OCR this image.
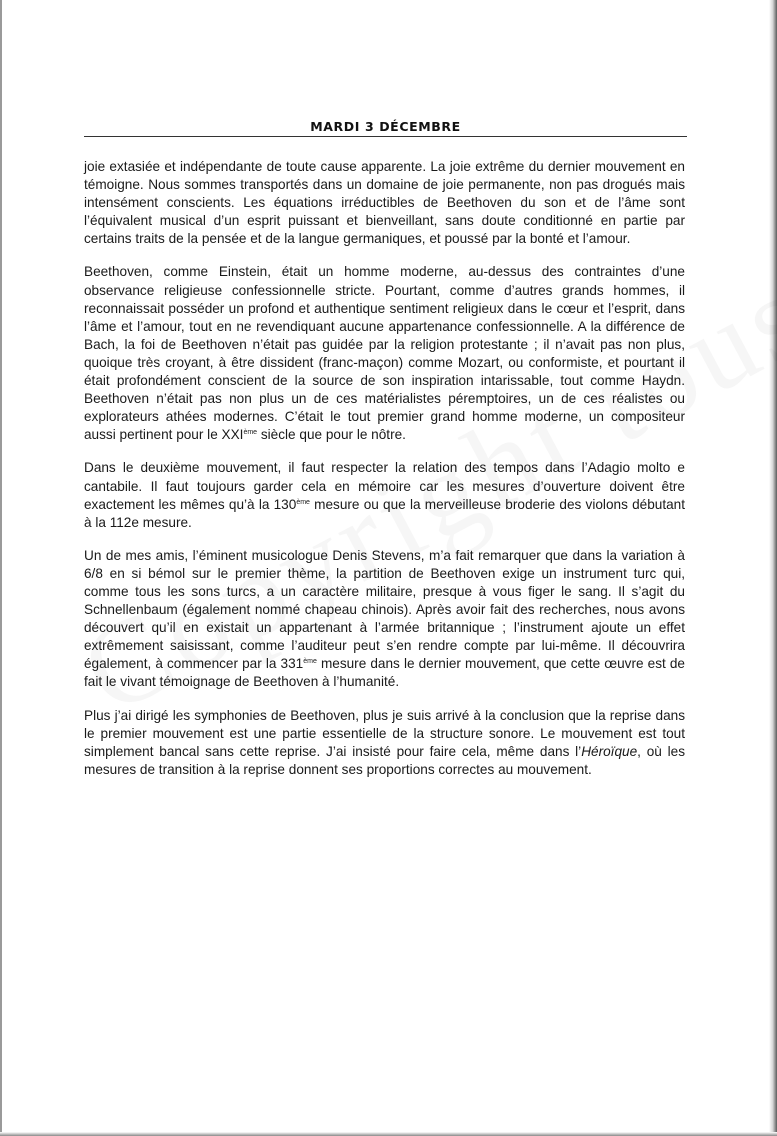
MARDI 3 DÉCEMBRE

joie extasiée et indépendante de toute cause apparente. La joie extrême du dernier mouvement en témoigne. Nous sommes transportés dans un domaine de joie permanente, non pas drogués mais intensément conscients. Les équations irréductibles de Beethoven du son et de l’âme sont l’équivalent musical d’un esprit puissant et bienveillant, sans doute conditionné en partie par certains traits de la pensée et de la langue germaniques, et poussé par la bonté et l’amour.

Beethoven, comme Einstein, était un homme moderne, au-dessus des contraintes d’une observance religieuse confessionnelle stricte. Pourtant, comme d’autres grands hommes, il reconnaissait posséder un profond et authentique sentiment religieux dans le cœur et l’esprit, dans l’âme et l’amour, tout en ne revendiquant aucune appartenance confessionnelle. A la différence de Bach, la foi de Beethoven n’était pas guidée par la religion protestante ; il n’avait pas non plus, quoique très croyant, à être dissident (franc-maçon) comme Mozart, ou conformiste, et pourtant il était profondément conscient de la source de son inspiration intarissable, tout comme Haydn. Beethoven n’était pas non plus un de ces matérialistes péremptoires, un de ces réalistes ou explorateurs athées modernes. C’était le tout premier grand homme moderne, un compositeur aussi pertinent pour le XXIème siècle que pour le nôtre.

Dans le deuxième mouvement, il faut respecter la relation des tempos dans l’Adagio molto e cantabile. Il faut toujours garder cela en mémoire car les mesures d’ouverture doivent être exactement les mêmes qu’à la 130ème mesure ou que la merveilleuse broderie des violons débutant à la 112e mesure.

Un de mes amis, l’éminent musicologue Denis Stevens, m’a fait remarquer que dans la variation à 6/8 en si bémol sur le premier thème, la partition de Beethoven exige un instrument turc qui, comme tous les sons turcs, a un caractère militaire, presque à vous figer le sang. Il s’agit du Schnellenbaum (également nommé chapeau chinois). Après avoir fait des recherches, nous avons découvert qu’il en existait un appartenant à l’armée britannique ; l’instrument ajoute un effet extrêmement saisissant, comme l’auditeur peut s’en rendre compte par lui-même. Il découvrira également, à commencer par la 331ème mesure dans le dernier mouvement, que cette œuvre est de fait le vivant témoignage de Beethoven à l’humanité.

Plus j’ai dirigé les symphonies de Beethoven, plus je suis arrivé à la conclusion que la reprise dans le premier mouvement est une partie essentielle de la structure sonore. Le mouvement est tout simplement bancal sans cette reprise. J’ai insisté pour faire cela, même dans l’Héroïque, où les mesures de transition à la reprise donnent ses proportions correctes au mouvement.
